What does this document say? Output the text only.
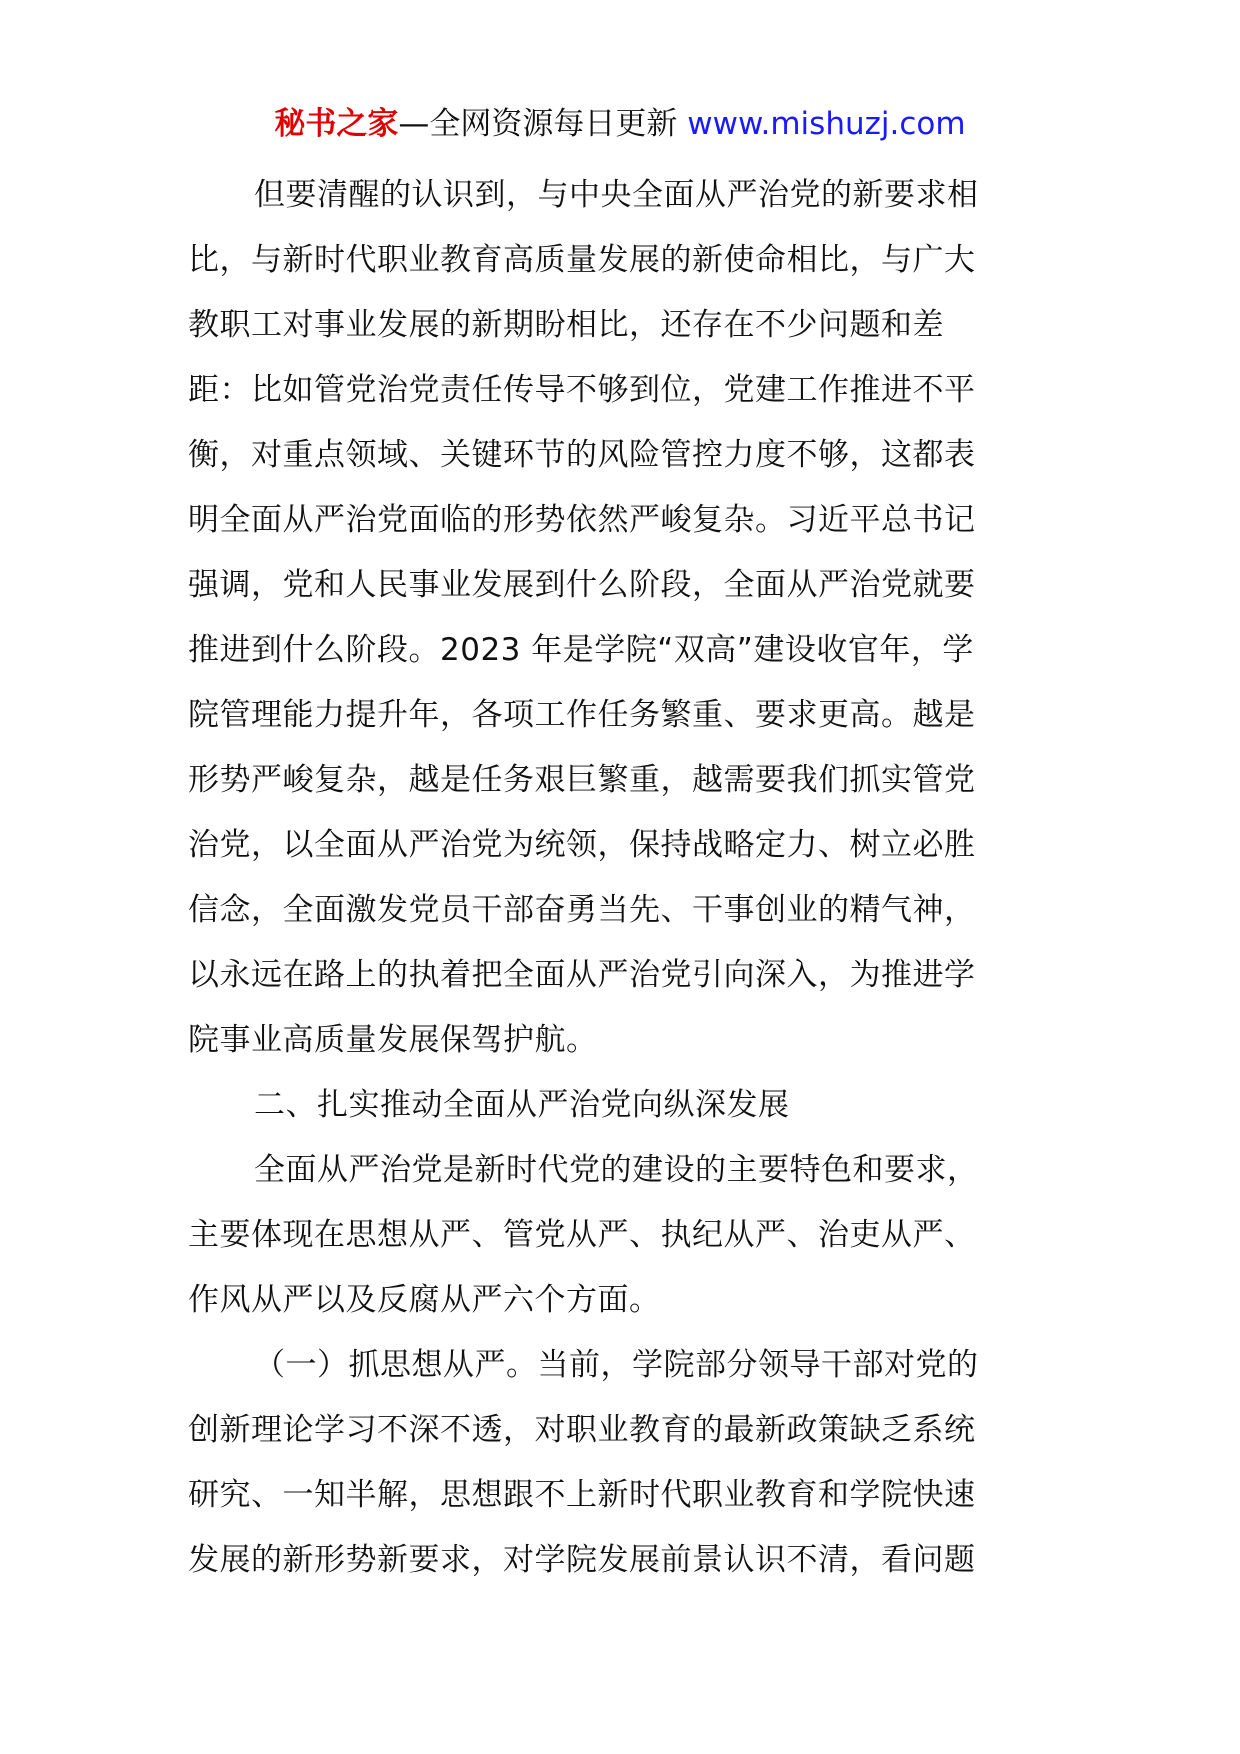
秘书之家—全网资源每日更新 www.mishuzj.com
但要清醒的认识到，与中央全面从严治党的新要求相
比，与新时代职业教育高质量发展的新使命相比，与广大
教职工对事业发展的新期盼相比，还存在不少问题和差
距：比如管党治党责任传导不够到位，党建工作推进不平
衡，对重点领域、关键环节的风险管控力度不够，这都表
明全面从严治党面临的形势依然严峻复杂。习近平总书记
强调，党和人民事业发展到什么阶段，全面从严治党就要
推进到什么阶段。2023 年是学院“双高”建设收官年，学
院管理能力提升年，各项工作任务繁重、要求更高。越是
形势严峻复杂，越是任务艰巨繁重，越需要我们抓实管党
治党，以全面从严治党为统领，保持战略定力、树立必胜
信念，全面激发党员干部奋勇当先、干事创业的精气神，
以永远在路上的执着把全面从严治党引向深入，为推进学
院事业高质量发展保驾护航。
二、扎实推动全面从严治党向纵深发展
全面从严治党是新时代党的建设的主要特色和要求，
主要体现在思想从严、管党从严、执纪从严、治吏从严、
作风从严以及反腐从严六个方面。
（一）抓思想从严。当前，学院部分领导干部对党的
创新理论学习不深不透，对职业教育的最新政策缺乏系统
研究、一知半解，思想跟不上新时代职业教育和学院快速
发展的新形势新要求，对学院发展前景认识不清，看问题
